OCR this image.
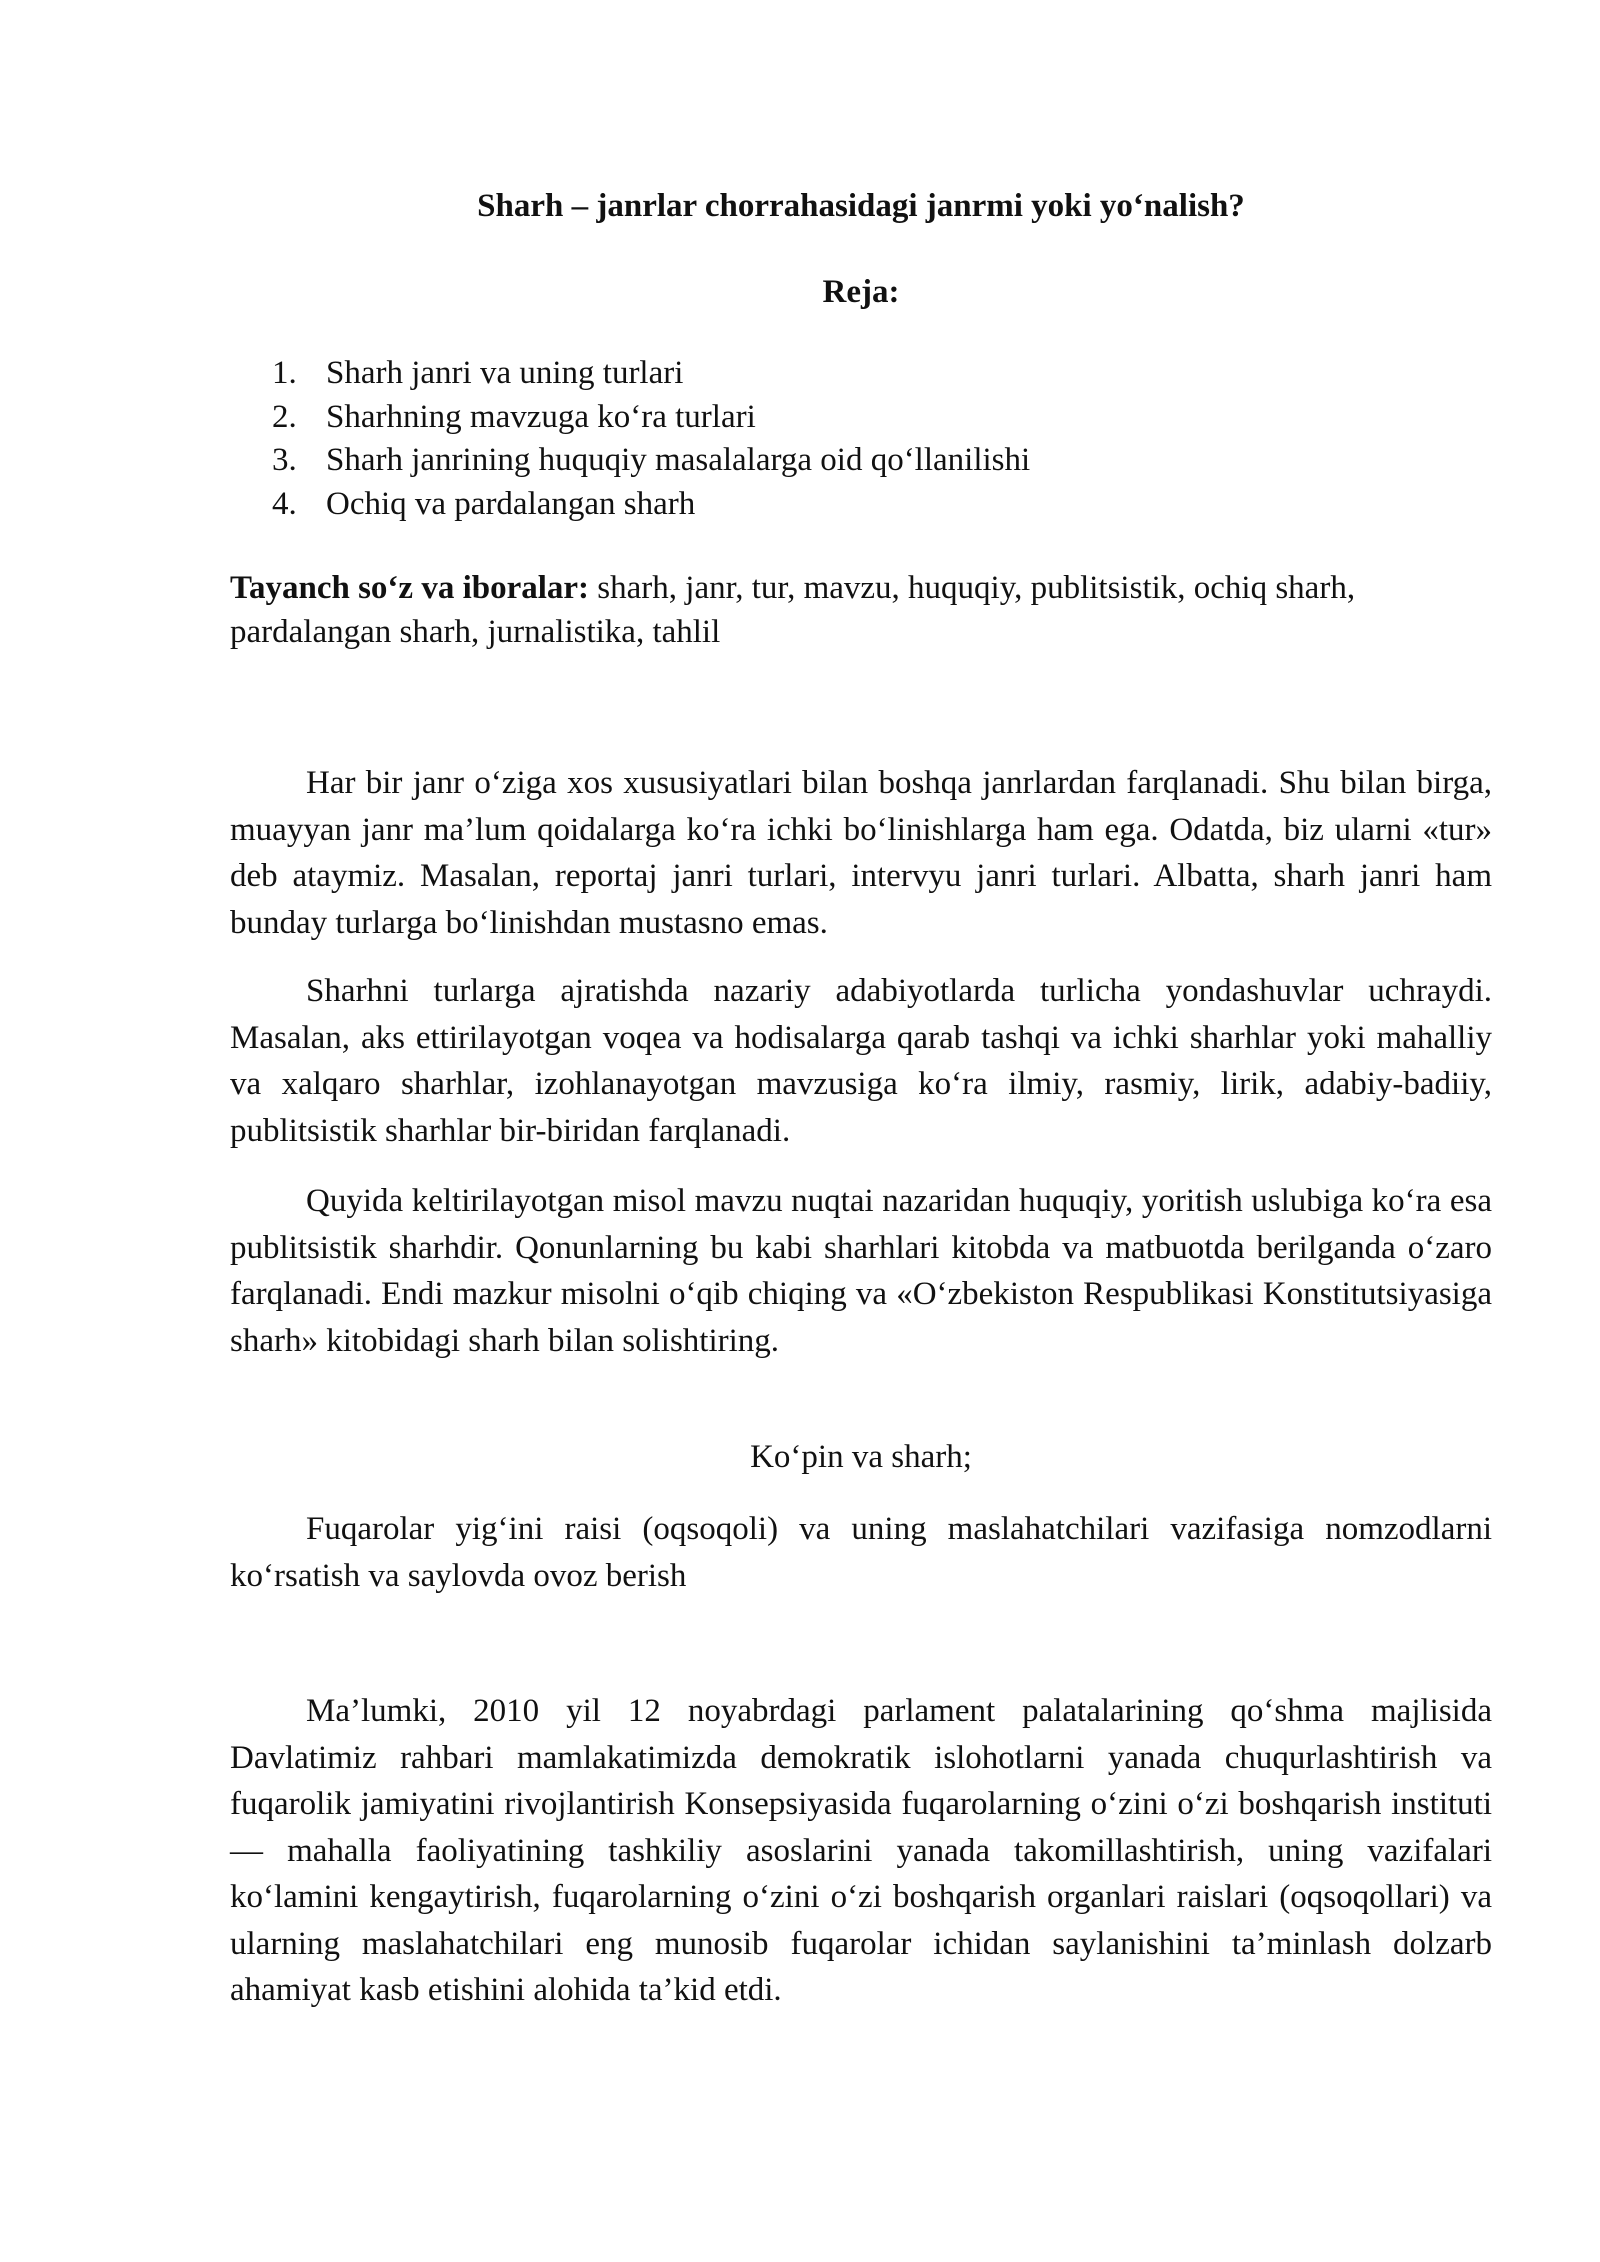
Sharh – janrlar chorrahasidagi janrmi yoki yo‘nalish?
Reja:
1. Sharh janri va uning turlari
2. Sharhning mavzuga ko‘ra turlari
3. Sharh janrining huquqiy masalalarga oid qo‘llanilishi
4. Ochiq va pardalangan sharh

Tayanch so‘z va iboralar: sharh, janr, tur, mavzu, huquqiy, publitsistik, ochiq sharh, pardalangan sharh, jurnalistika, tahlil

Har bir janr o‘ziga xos xususiyatlari bilan boshqa janrlardan farqlanadi. Shu bilan birga, muayyan janr ma’lum qoidalarga ko‘ra ichki bo‘linishlarga ham ega. Odatda, biz ularni «tur» deb ataymiz. Masalan, reportaj janri turlari, intervyu janri turlari. Albatta, sharh janri ham bunday turlarga bo‘linishdan mustasno emas.

Sharhni turlarga ajratishda nazariy adabiyotlarda turlicha yondashuvlar uchraydi. Masalan, aks ettirilayotgan voqea va hodisalarga qarab tashqi va ichki sharhlar yoki mahalliy va xalqaro sharhlar, izohlanayotgan mavzusiga ko‘ra ilmiy, rasmiy, lirik, adabiy-badiiy, publitsistik sharhlar bir-biridan farqlanadi.

Quyida keltirilayotgan misol mavzu nuqtai nazaridan huquqiy, yoritish uslubiga ko‘ra esa publitsistik sharhdir. Qonunlarning bu kabi sharhlari kitobda va matbuotda berilganda o‘zaro farqlanadi. Endi mazkur misolni o‘qib chiqing va «O‘zbekiston Respublikasi Konstitutsiyasiga sharh» kitobidagi sharh bilan solishtiring.

Ko‘pin va sharh;

Fuqarolar yig‘ini raisi (oqsoqoli) va uning maslahatchilari vazifasiga nomzodlarni ko‘rsatish va saylovda ovoz berish

Ma’lumki, 2010 yil 12 noyabrdagi parlament palatalarining qo‘shma majlisida Davlatimiz rahbari mamlakatimizda demokratik islohotlarni yanada chuqurlashtirish va fuqarolik jamiyatini rivojlantirish Konsepsiyasida fuqarolarning o‘zini o‘zi boshqarish instituti — mahalla faoliyatining tashkiliy asoslarini yanada takomillashtirish, uning vazifalari ko‘lamini kengaytirish, fuqarolarning o‘zini o‘zi boshqarish organlari raislari (oqsoqollari) va ularning maslahatchilari eng munosib fuqarolar ichidan saylanishini ta’minlash dolzarb ahamiyat kasb etishini alohida ta’kid etdi.
